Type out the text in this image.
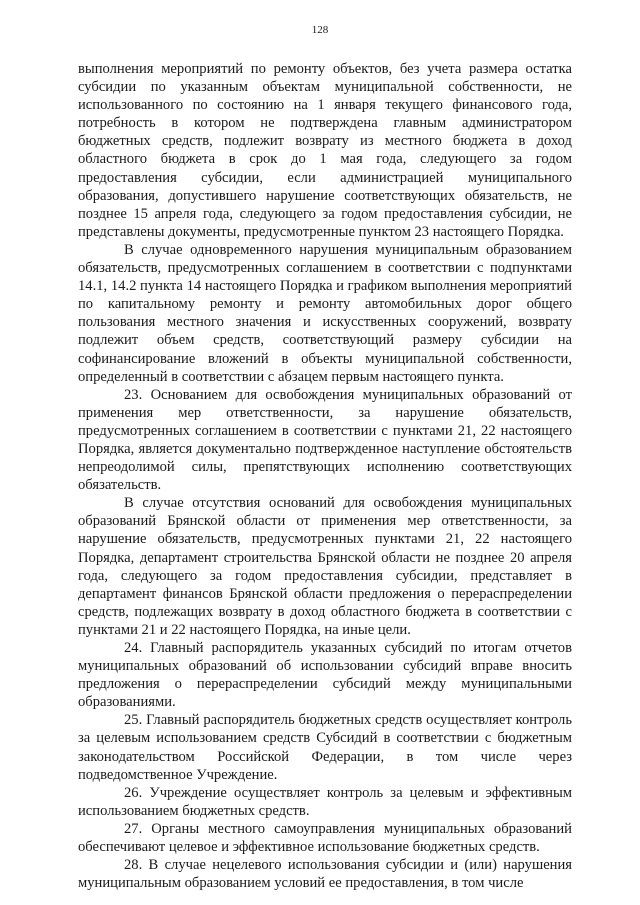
128

выполнения мероприятий по ремонту объектов, без учета размера остатка субсидии по указанным объектам муниципальной собственности, не использованного по состоянию на 1 января текущего финансового года, потребность в котором не подтверждена главным администратором бюджетных средств, подлежит возврату из местного бюджета в доход областного бюджета в срок до 1 мая года, следующего за годом предоставления субсидии, если администрацией муниципального образования, допустившего нарушение соответствующих обязательств, не позднее 15 апреля года, следующего за годом предоставления субсидии, не представлены документы, предусмотренные пунктом 23 настоящего Порядка.

В случае одновременного нарушения муниципальным образованием обязательств, предусмотренных соглашением в соответствии с подпунктами 14.1, 14.2 пункта 14 настоящего Порядка и графиком выполнения мероприятий по капитальному ремонту и ремонту автомобильных дорог общего пользования местного значения и искусственных сооружений, возврату подлежит объем средств, соответствующий размеру субсидии на софинансирование вложений в объекты муниципальной собственности, определенный в соответствии с абзацем первым настоящего пункта.

23. Основанием для освобождения муниципальных образований от применения мер ответственности, за нарушение обязательств, предусмотренных соглашением в соответствии с пунктами 21, 22 настоящего Порядка, является документально подтвержденное наступление обстоятельств непреодолимой силы, препятствующих исполнению соответствующих обязательств.

В случае отсутствия оснований для освобождения муниципальных образований Брянской области от применения мер ответственности, за нарушение обязательств, предусмотренных пунктами 21, 22 настоящего Порядка, департамент строительства Брянской области не позднее 20 апреля года, следующего за годом предоставления субсидии, представляет в департамент финансов Брянской области предложения о перераспределении средств, подлежащих возврату в доход областного бюджета в соответствии с пунктами 21 и 22 настоящего Порядка, на иные цели.

24. Главный распорядитель указанных субсидий по итогам отчетов муниципальных образований об использовании субсидий вправе вносить предложения о перераспределении субсидий между муниципальными образованиями.

25. Главный распорядитель бюджетных средств осуществляет контроль за целевым использованием средств Субсидий в соответствии с бюджетным законодательством Российской Федерации, в том числе через подведомственное Учреждение.

26. Учреждение осуществляет контроль за целевым и эффективным использованием бюджетных средств.

27. Органы местного самоуправления муниципальных образований обеспечивают целевое и эффективное использование бюджетных средств.

28. В случае нецелевого использования субсидии и (или) нарушения муниципальным образованием условий ее предоставления, в том числе
